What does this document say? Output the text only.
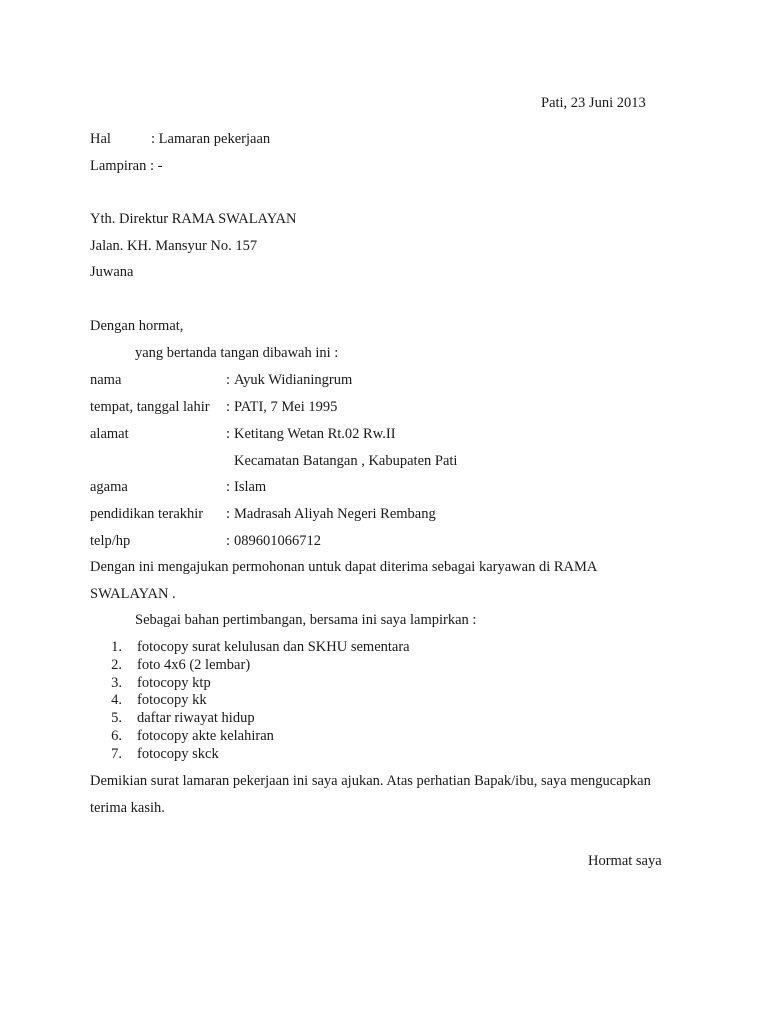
Pati, 23 Juni 2013
Hal	: Lamaran pekerjaan
Lampiran : -
Yth. Direktur RAMA SWALAYAN
Jalan. KH. Mansyur No. 157
Juwana
Dengan hormat,
yang bertanda tangan dibawah ini :
nama	: Ayuk Widianingrum
tempat, tanggal lahir : PATI, 7 Mei 1995
alamat	: Ketitang Wetan Rt.02 Rw.II
Kecamatan Batangan , Kabupaten Pati
agama	: Islam
pendidikan terakhir : Madrasah Aliyah Negeri Rembang
telp/hp	: 089601066712
Dengan ini mengajukan permohonan untuk dapat diterima sebagai karyawan di RAMA
SWALAYAN .
Sebagai bahan pertimbangan, bersama ini saya lampirkan :
1. fotocopy surat kelulusan dan SKHU sementara
2. foto 4x6 (2 lembar)
3. fotocopy ktp
4. fotocopy kk
5. daftar riwayat hidup
6. fotocopy akte kelahiran
7. fotocopy skck
Demikian surat lamaran pekerjaan ini saya ajukan. Atas perhatian Bapak/ibu, saya mengucapkan
terima kasih.
Hormat saya
